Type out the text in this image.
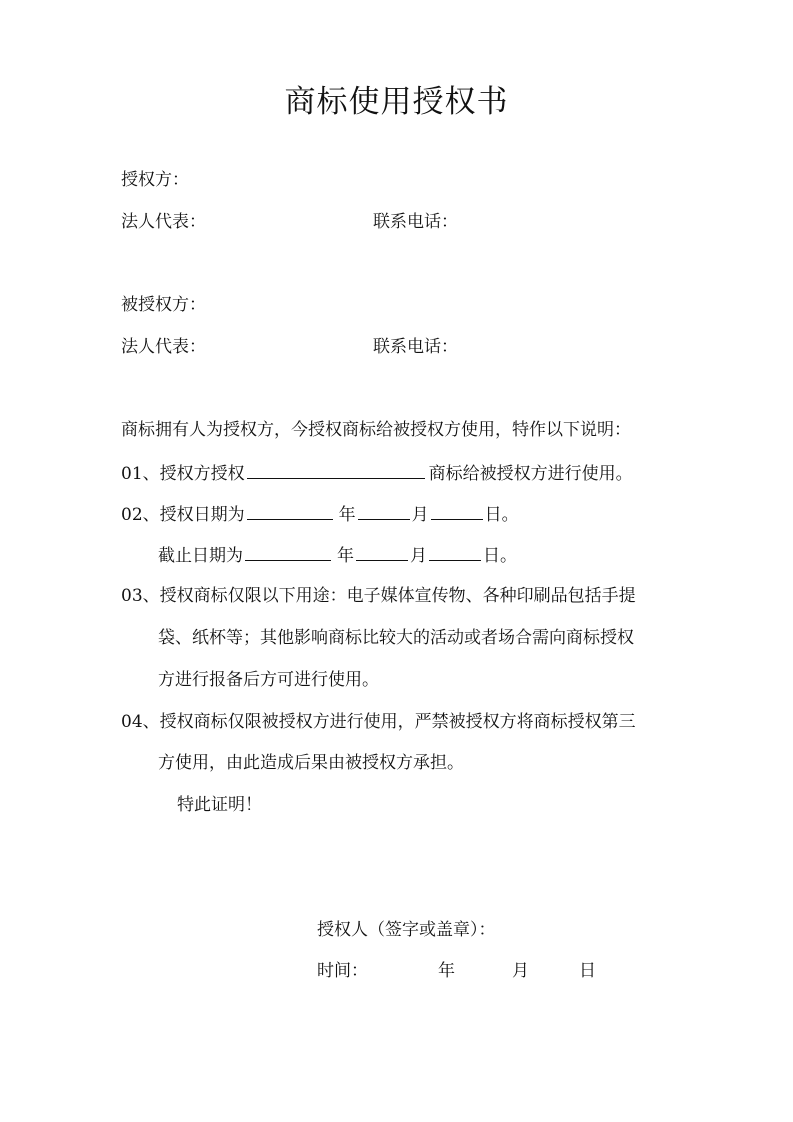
商标使用授权书
授权方：
法人代表：	联系电话：
被授权方：
法人代表：	联系电话：
商标拥有人为授权方，今授权商标给被授权方使用，特作以下说明：
01、授权方授权	商标给被授权方进行使用。
02、授权日期为	年	月	日。
截止日期为	年	月	日。
03、授权商标仅限以下用途：电子媒体宣传物、各种印刷品包括手提
袋、纸杯等；其他影响商标比较大的活动或者场合需向商标授权
方进行报备后方可进行使用。
04、授权商标仅限被授权方进行使用，严禁被授权方将商标授权第三
方使用，由此造成后果由被授权方承担。
特此证明！
授权人（签字或盖章）：
时间：	年	月	日
